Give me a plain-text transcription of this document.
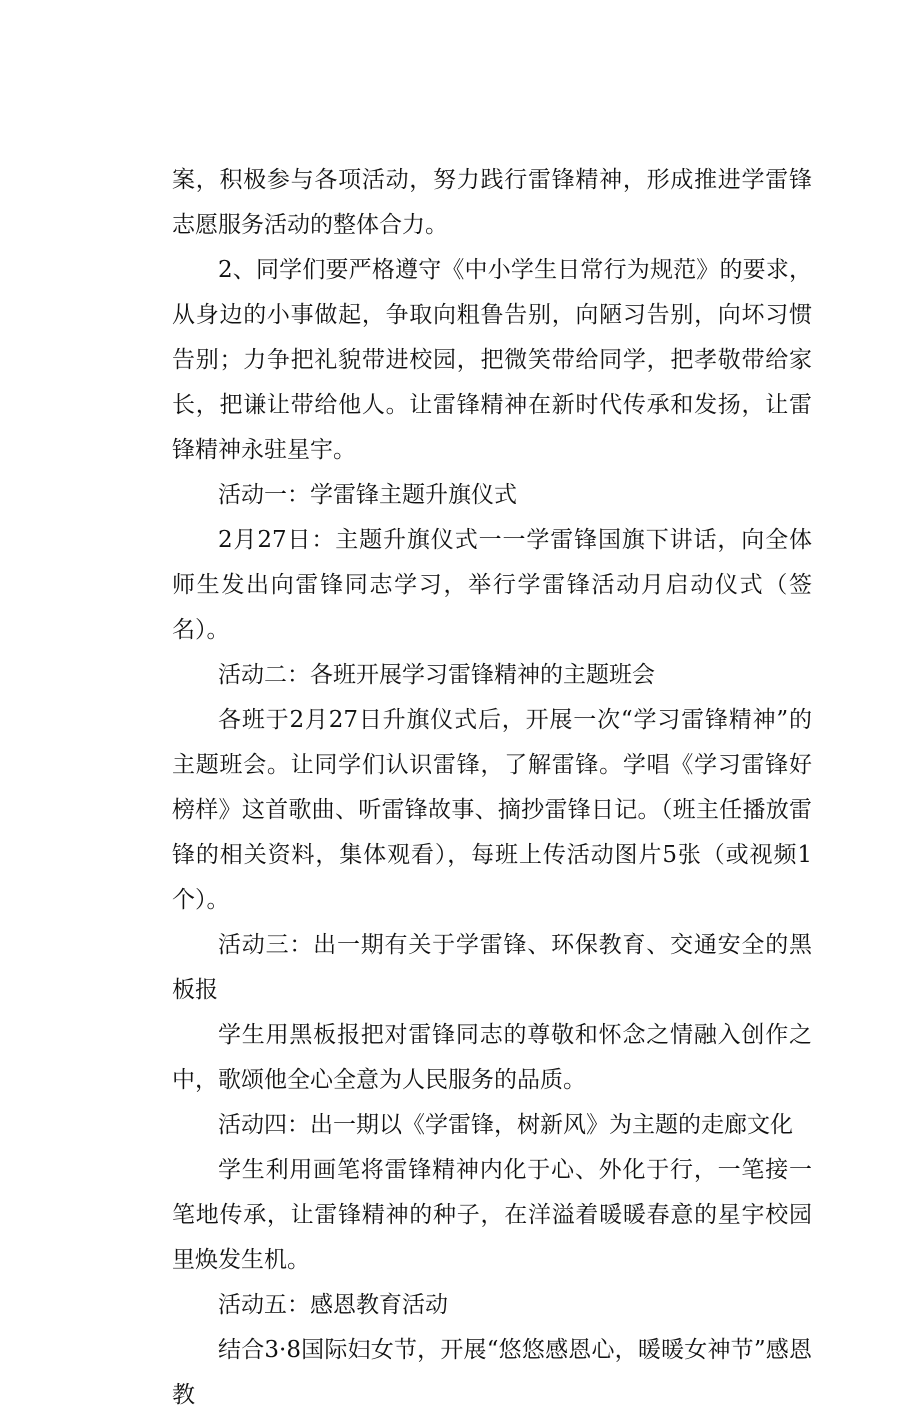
案，积极参与各项活动，努力践行雷锋精神，形成推进学雷锋志愿服务活动的整体合力。

2、同学们要严格遵守《中小学生日常行为规范》的要求，从身边的小事做起，争取向粗鲁告别，向陋习告别，向坏习惯告别；力争把礼貌带进校园，把微笑带给同学，把孝敬带给家长，把谦让带给他人。让雷锋精神在新时代传承和发扬，让雷锋精神永驻星宇。

活动一：学雷锋主题升旗仪式

2月27日：主题升旗仪式一一学雷锋国旗下讲话，向全体师生发出向雷锋同志学习，举行学雷锋活动月启动仪式（签名）。

活动二：各班开展学习雷锋精神的主题班会

各班于2月27日升旗仪式后，开展一次“学习雷锋精神”的主题班会。让同学们认识雷锋，了解雷锋。学唱《学习雷锋好榜样》这首歌曲、听雷锋故事、摘抄雷锋日记。（班主任播放雷锋的相关资料，集体观看），每班上传活动图片5张（或视频1个）。

活动三：出一期有关于学雷锋、环保教育、交通安全的黑板报

学生用黑板报把对雷锋同志的尊敬和怀念之情融入创作之中，歌颂他全心全意为人民服务的品质。

活动四：出一期以《学雷锋，树新风》为主题的走廊文化

学生利用画笔将雷锋精神内化于心、外化于行，一笔接一笔地传承，让雷锋精神的种子，在洋溢着暖暖春意的星宇校园里焕发生机。

活动五：感恩教育活动

结合3·8国际妇女节，开展“悠悠感恩心，暖暖女神节”感恩教
